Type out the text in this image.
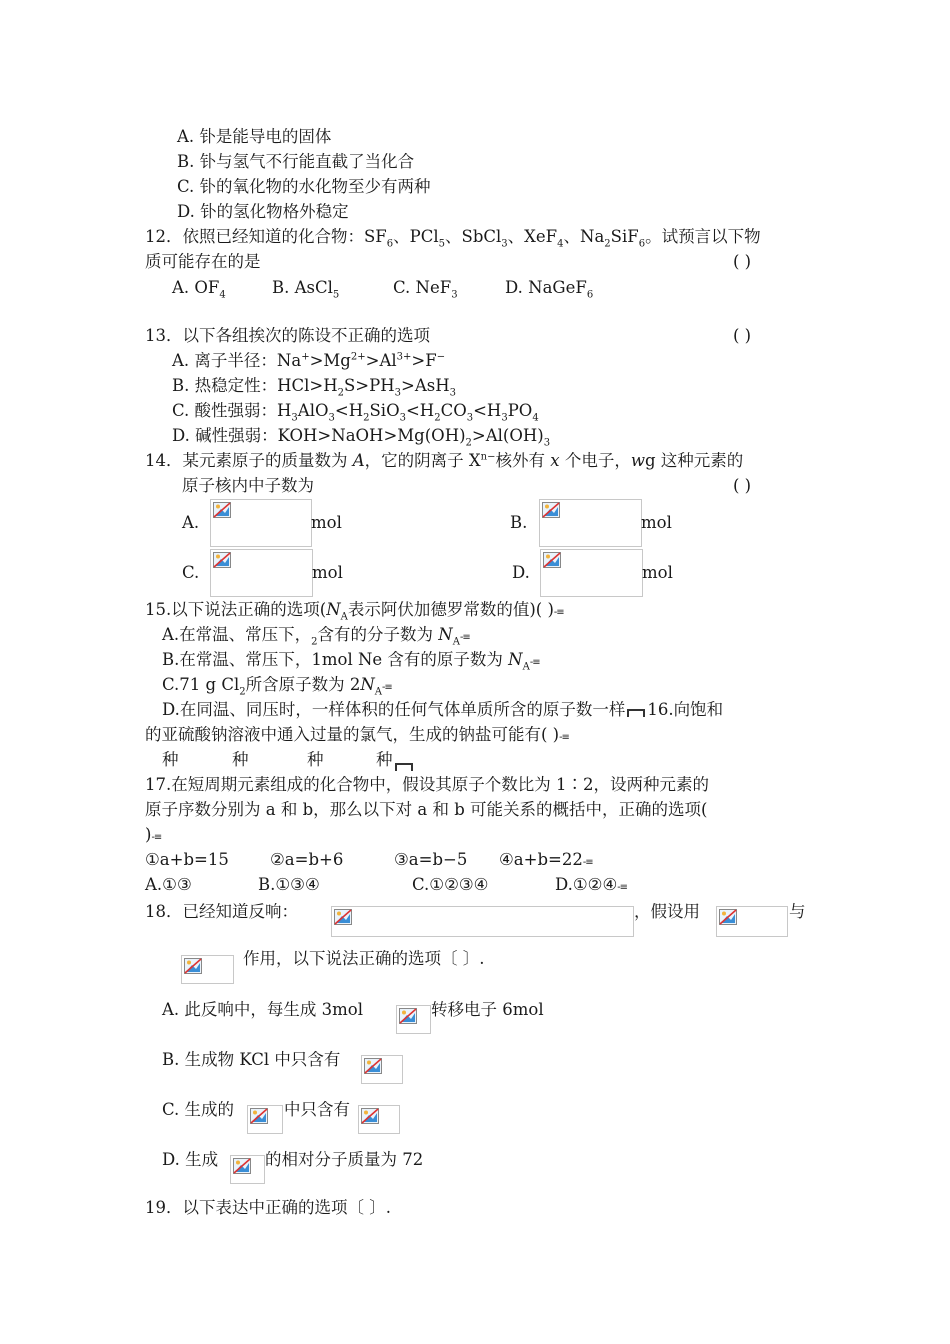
A. 钋是能导电的固体
B. 钋与氢气不行能直截了当化合
C. 钋的氧化物的水化物至少有两种
D. 钋的氢化物格外稳定
12．依照已经知道的化合物：$SF_6$、PCl$_5$、SbCl$_3$、XeF$_4$、$Na_2SiF_6$。试预言以下物
质可能存在的是	( )
A. $OF_4$	B. AsCl$_5$	C. NeF$_3$	D. NaGeF$_6$
13．以下各组挨次的陈设不正确的选项	( )
A. 离子半径：$Na^+>Mg^{2+}>Al^{3+}>F^-$
B. 热稳定性：$HCl>H_2S>PH_3>AsH_3$
C. 酸性强弱：$H_3AlO_3<H_2SiO_3<H_2CO_3<H_3PO_4$
D. 碱性强弱：$KOH>NaOH>Mg(OH)_2>Al(OH)_3$
14．某元素原子的质量数为 A，它的阴离子 $X^{n-}$核外有 x 个电子，wg 这种元素的
原子核内中子数为	( )
A.	mol	B.	mol
C.	mol	D.	mol
15.以下说法正确的选项($N_A$表示阿伏加德罗常数的值)( )-≡
A.在常温、常压下，$_2$含有的分子数为 $N_A-\equiv$
B.在常温、常压下，1mol Ne 含有的原子数为 $N_A-\equiv$
C.71 g $Cl_2$所含原子数为 $2N_A-\equiv$
D.在同温、同压时，一样体积的任何气体单质所含的原子数一样 16.向饱和
的亚硫酸钠溶液中通入过量的氯气，生成的钠盐可能有( )-≡
种	种	种	种
17.在短周期元素组成的化合物中，假设其原子个数比为 1∶2，设两种元素的
原子序数分别为 a 和 b，那么以下对 a 和 b 可能关系的概括中，正确的选项(
)-≡
①a+b=15 ②a=b+6	③a=b−5 ④a+b=22-≡
A.①③	B.①③④	C.①②③④	D.①②④-≡
18．已经知道反响：	，假设用	与
作用，以下说法正确的选项〔 〕.
A. 此反响中，每生成 3mol	转移电子 6mol
B. 生成物 KCl 中只含有
C. 生成的	中只含有
D. 生成	的相对分子质量为 72
19．以下表达中正确的选项〔 〕.
